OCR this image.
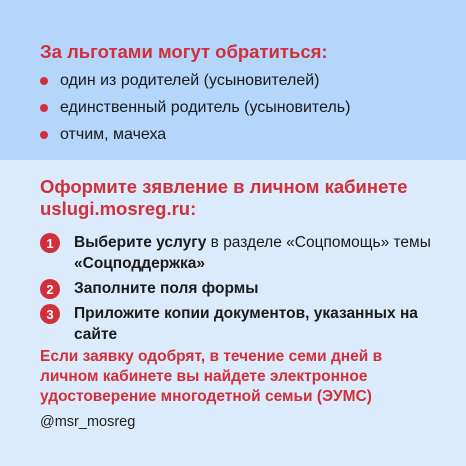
За льготами могут обратиться:
один из родителей (усыновителей)
единственный родитель (усыновитель)
отчим, мачеха
Оформите зявление в личном кабинете uslugi.mosreg.ru:
1	Выберите услугу в разделе «Соцпомощь» темы «Соцподдержка»
2	Заполните поля формы
3	Приложите копии документов, указанных на сайте
Если заявку одобрят, в течение семи дней в личном кабинете вы найдете электронное удостоверение многодетной семьи (ЭУМС)
@msr_mosreg
